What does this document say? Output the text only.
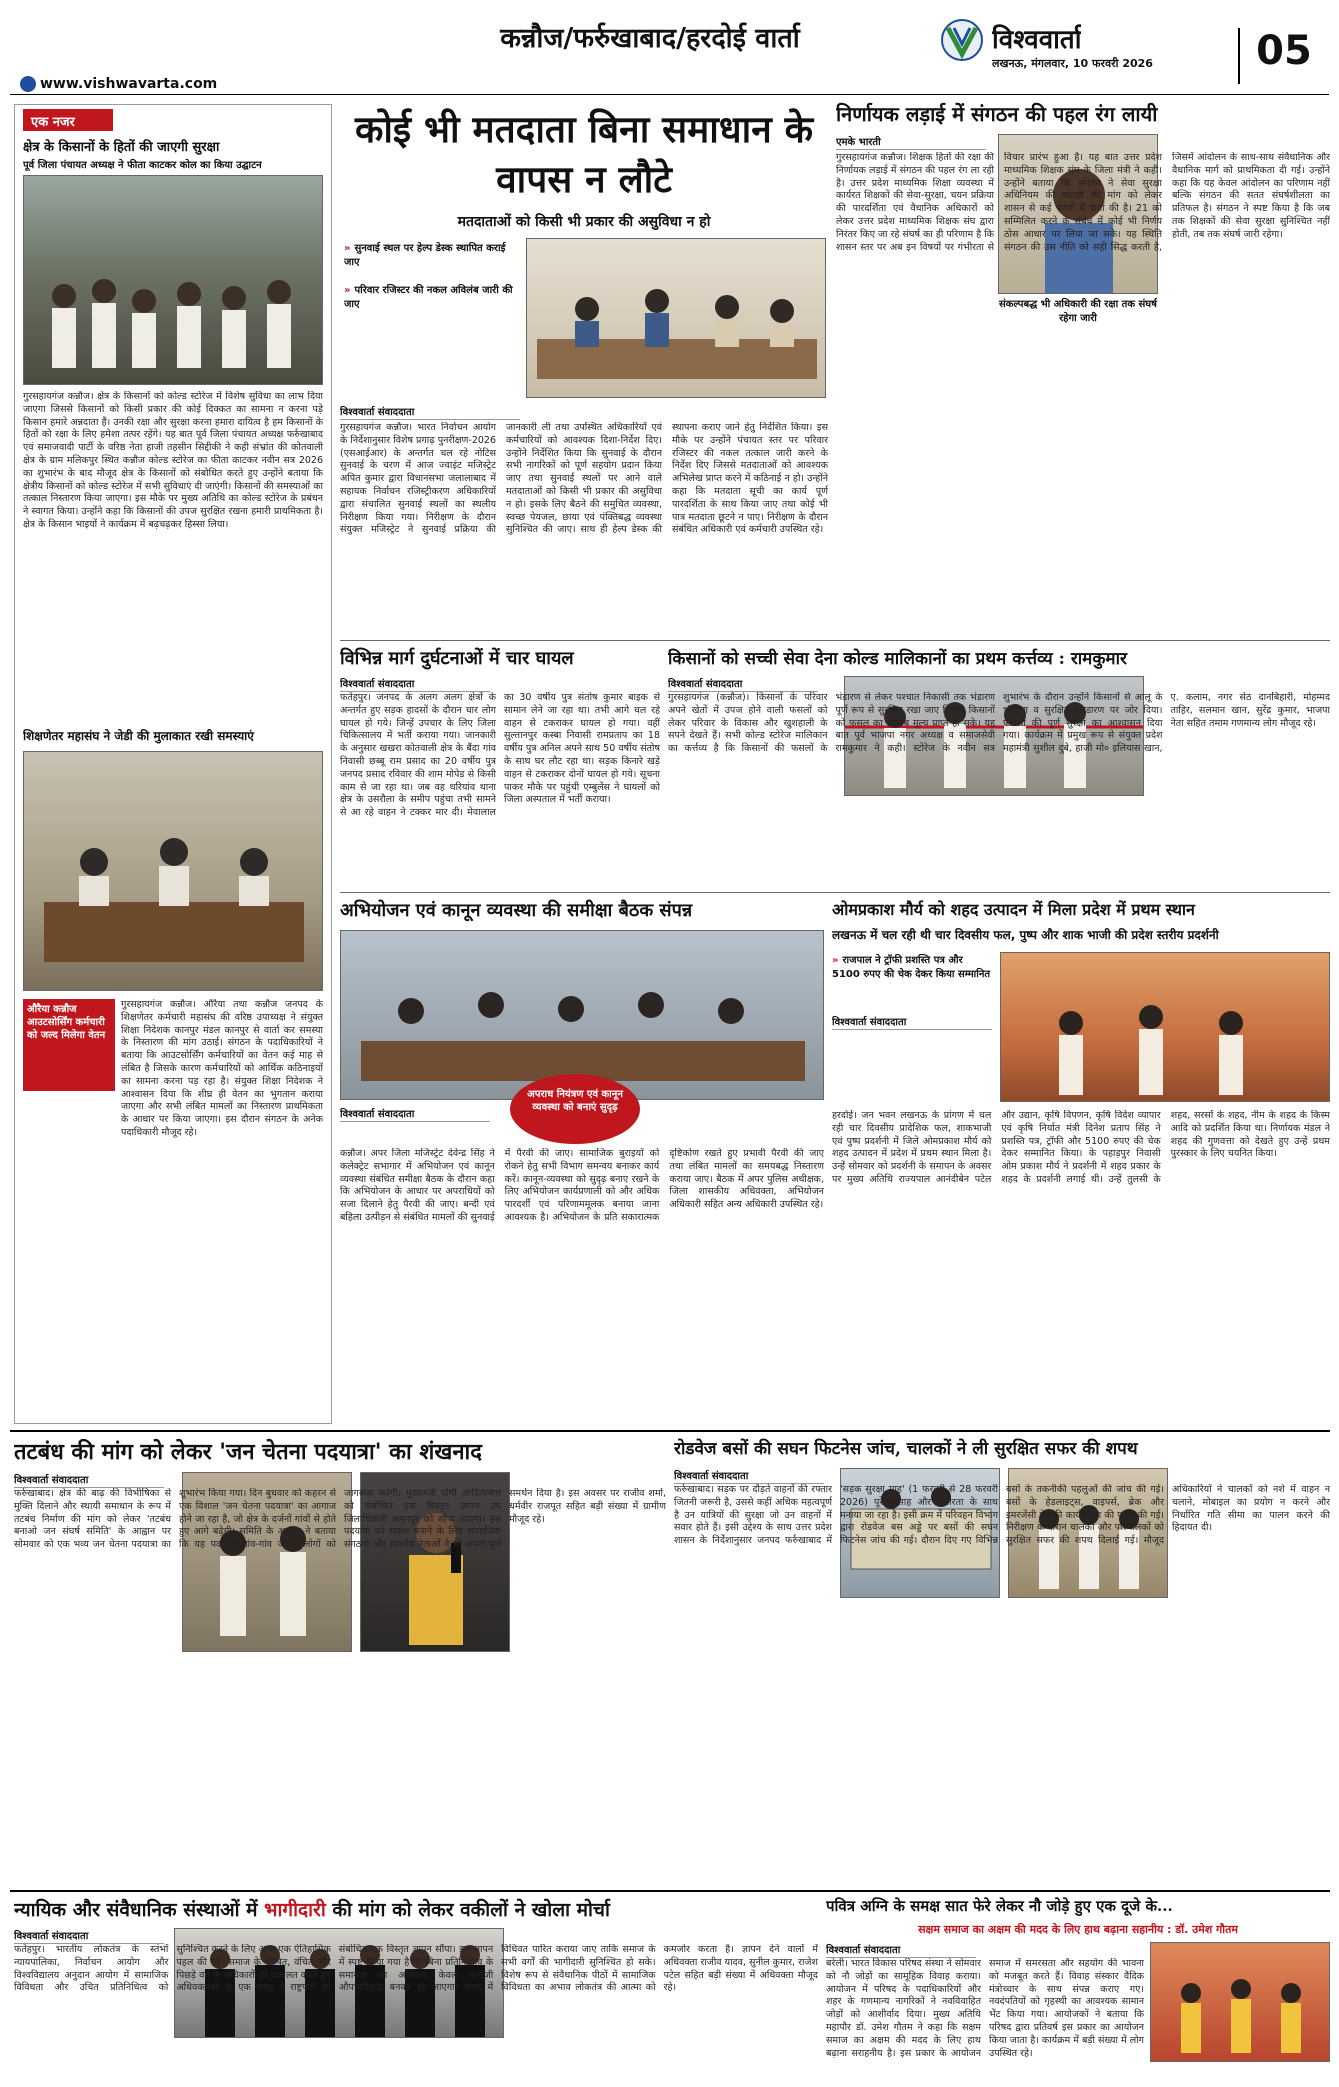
कन्नौज/फर्रुखाबाद/हरदोई वार्ता
www.vishwavarta.com
विश्ववार्ता
लखनऊ, मंगलवार, 10 फरवरी 2026	05
एक नजर
क्षेत्र के किसानों के हितों की जाएगी सुरक्षा
पूर्व जिला पंचायत अध्यक्ष ने फीता काटकर कोल का किया उद्घाटन
गुरसहायगंज कन्नौज। क्षेत्र के किसानों को कोल्ड स्टोरेज में विशेष सुविधा का लाभ दिया जाएगा जिससे किसानों को किसी प्रकार की कोई दिक्कत का सामना न करना पड़े किसान हमारे अन्नदाता हैं। उनकी रक्षा और सुरक्षा करना हमारा दायित्व है हम किसानों के हितों को रक्षा के लिए हमेशा तत्पर रहेंगे। यह बात पूर्व जिला पंचायत अध्यक्ष फर्रुखाबाद एवं समाजवादी पार्टी के वरिष्ठ नेता हाजी तहसीन सिद्दीकी ने कही संभ्रांत की कोतवाली क्षेत्र के ग्राम मलिकपुर स्थित कन्नौज कोल्ड स्टोरेज का फीता काटकर नवीन सत्र 2026 का शुभारंभ के बाद मौजूद क्षेत्र के किसानों को संबोधित करते हुए उन्होंने बताया कि क्षेत्रीय किसानों को कोल्ड स्टोरेज में सभी सुविधाएं दी जाएंगी। किसानों की समस्याओं का तत्काल निस्तारण किया जाएगा। इस मौके पर मुख्य अतिथि का कोल्ड स्टोरेज के प्रबंधन ने स्वागत किया। उन्होंने कहा कि किसानों की उपज सुरक्षित रखना हमारी प्राथमिकता है। क्षेत्र के किसान भाइयों ने कार्यक्रम में बढ़चढ़कर हिस्सा लिया।
शिक्षणेतर महासंघ ने जेडी की मुलाकात रखी समस्याएं
औरैया कन्नौज आउटसोर्सिंग कर्मचारी को जल्द मिलेगा वेतन
गुरसहायगंज कन्नौज। औरैया तथा कन्नौज जनपद के शिक्षणेतर कर्मचारी महासंघ की वरिष्ठ उपाध्यक्ष ने संयुक्त शिक्षा निदेशक कानपुर मंडल कानपुर से वार्ता कर समस्या के निस्तारण की मांग उठाई। संगठन के पदाधिकारियों ने बताया कि आउटसोर्सिंग कर्मचारियों का वेतन कई माह से लंबित है जिसके कारण कर्मचारियों को आर्थिक कठिनाइयों का सामना करना पड़ रहा है। संयुक्त शिक्षा निदेशक ने आश्वासन दिया कि शीघ्र ही वेतन का भुगतान कराया जाएगा और सभी लंबित मामलों का निस्तारण प्राथमिकता के आधार पर किया जाएगा। इस दौरान संगठन के अनेक पदाधिकारी मौजूद रहे।
कोई भी मतदाता बिना समाधान के वापस न लौटे
मतदाताओं को किसी भी प्रकार की असुविधा न हो
» सुनवाई स्थल पर हेल्प डेस्क स्थापित कराई जाए
» परिवार रजिस्टर की नकल अविलंब जारी की जाए
विश्ववार्ता संवाददाता
गुरसहायगंज कन्नौज। भारत निर्वाचन आयोग के निर्देशानुसार विशेष प्रगाढ़ पुनरीक्षण-2026 (एसआईआर) के अन्तर्गत चल रहे नोटिस सुनवाई के चरण में आज ज्वाइंट मजिस्ट्रेट अपित कुमार द्वारा विधानसभा जलालाबाद में सहायक निर्वाचन रजिस्ट्रीकरण अधिकारियों द्वारा संचालित सुनवाई स्थलों का स्थलीय निरीक्षण किया गया। निरीक्षण के दौरान संयुक्त मजिस्ट्रेट ने सुनवाई प्रक्रिया की जानकारी ली तथा उपस्थित अधिकारियों एवं कर्मचारियों को आवश्यक दिशा-निर्देश दिए। उन्होंने निर्देशित किया कि सुनवाई के दौरान सभी नागरिकों को पूर्ण सहयोग प्रदान किया जाए तथा सुनवाई स्थलों पर आने वाले मतदाताओं को किसी भी प्रकार की असुविधा न हो। इसके लिए बैठने की समुचित व्यवस्था, स्वच्छ पेयजल, छाया एवं पंक्तिबद्ध व्यवस्था सुनिश्चित की जाए। साथ ही हेल्प डेस्क की स्थापना कराए जाने हेतु निर्देशित किया। इस मौके पर उन्होंने पंचायत स्तर पर परिवार रजिस्टर की नकल तत्काल जारी करने के निर्देश दिए जिससे मतदाताओं को आवश्यक अभिलेख प्राप्त करने में कठिनाई न हो। उन्होंने कहा कि मतदाता सूची का कार्य पूर्ण पारदर्शिता के साथ किया जाए तथा कोई भी पात्र मतदाता छूटने न पाए। निरीक्षण के दौरान संबंधित अधिकारी एवं कर्मचारी उपस्थित रहे।
निर्णायक लड़ाई में संगठन की पहल रंग लायी
एमके भारती
संकल्पबद्ध भी अधिकारी की रक्षा तक संघर्ष रहेगा जारी
गुरसहायगंज कन्नौज। शिक्षक हितों की रक्षा की निर्णायक लड़ाई में संगठन की पहल रंग ला रही है। उत्तर प्रदेश माध्यमिक शिक्षा व्यवस्था में कार्यरत शिक्षकों की सेवा-सुरक्षा, चयन प्रक्रिया की पारदर्शिता एवं वैधानिक अधिकारों को लेकर उत्तर प्रदेश माध्यमिक शिक्षक संघ द्वारा निरंतर किए जा रहे संघर्ष का ही परिणाम है कि शासन स्तर पर अब इन विषयों पर गंभीरता से विचार प्रारंभ हुआ है। यह बात उत्तर प्रदेश माध्यमिक शिक्षक संघ के जिला मंत्री ने कही। उन्होंने बताया कि संगठन ने सेवा सुरक्षा अधिनियम की बहाली की मांग को लेकर शासन से कई चरणों में वार्ता की है। 21 को सम्मिलित करने के संबंध में कोई भी निर्णय ठोस आधार पर लिया जा सके। यह स्थिति संगठन की उस नीति को सही सिद्ध करती है, जिसमें आंदोलन के साथ-साथ संवैधानिक और वैधानिक मार्ग को प्राथमिकता दी गई। उन्होंने कहा कि यह केवल आंदोलन का परिणाम नहीं बल्कि संगठन की सतत संघर्षशीलता का प्रतिफल है। संगठन ने स्पष्ट किया है कि जब तक शिक्षकों की सेवा सुरक्षा सुनिश्चित नहीं होती, तब तक संघर्ष जारी रहेगा।
विभिन्न मार्ग दुर्घटनाओं में चार घायल
विश्ववार्ता संवाददाता
फतेहपुर। जनपद के अलग अलग क्षेत्रों के अन्तर्गत हुए सड़क हादसों के दौरान चार लोग घायल हो गये। जिन्हें उपचार के लिए जिला चिकित्सालय में भर्ती कराया गया। जानकारी के अनुसार खखरा कोतवाली क्षेत्र के बैंदा गांव निवासी छब्बू राम प्रसाद का 20 वर्षीय पुत्र जनपद प्रसाद रविवार की शाम मोपेड से किसी काम से जा रहा था। जब वह थरियांव थाना क्षेत्र के उसरौला के समीप पहुंचा तभी सामने से आ रहे वाहन ने टक्कर मार दी। मेवालाल का 30 वर्षीय पुत्र संतोष कुमार बाइक से सामान लेने जा रहा था। तभी आगे चल रहे वाहन से टकराकर घायल हो गया। वहीं सुल्तानपुर कस्बा निवासी रामप्रताप का 18 वर्षीय पुत्र अनिल अपने साथ 50 वर्षीय संतोष के साथ घर लौट रहा था। सड़क किनारे खड़े वाहन से टकराकर दोनों घायल हो गये। सूचना पाकर मौके पर पहुंची एम्बुलेंस ने घायलों को जिला अस्पताल में भर्ती कराया।
किसानों को सच्ची सेवा देना कोल्ड मालिकानों का प्रथम कर्त्तव्य : रामकुमार
विश्ववार्ता संवाददाता
गुरसहायगंज (कन्नौज)। किसानों के परिवार अपने खेतों में उपज होने वाली फसलों को लेकर परिवार के विकास और खुशहाली के सपने देखते हैं। सभी कोल्ड स्टोरेज मालिकान का कर्त्तव्य है कि किसानों की फसलों के भंडारण से लेकर पश्चात निकासी तक भंडारण पूर्ण रूप से सुरक्षित रखा जाए जिससे किसानों को फसल का वाजिब मूल्य प्राप्त हो सके। यह बात पूर्व भाजपा नगर अध्यक्ष व समाजसेवी रामकुमार ने कही। स्टोरेज के नवीन सत्र शुभारंभ के दौरान उन्होंने किसानों से आलू के भंडारण व सुरक्षित भण्डारण पर जोर दिया। फसलों की पूर्ण सुरक्षा का आश्वासन दिया गया। कार्यक्रम में प्रमुख रूप से संयुक्त प्रदेश महामंत्री सुशील दुबे, हाजी मो० इलियास खान, ए. कलाम, नगर सेठ दानबिहारी, मोहम्मद ताहिर, सलमान खान, सुरेंद्र कुमार, भाजपा नेता सहित तमाम गणमान्य लोग मौजूद रहे।
अभियोजन एवं कानून व्यवस्था की समीक्षा बैठक संपन्न
अपराध नियंत्रण एवं कानून व्यवस्था को बनाएं सुदृढ़
विश्ववार्ता संवाददाता
कन्नौज। अपर जिला मजिस्ट्रेट देवेन्द्र सिंह ने कलेक्ट्रेट सभागार में अभियोजन एवं कानून व्यवस्था संबंधित समीक्षा बैठक के दौरान कहा कि अभियोजन के आधार पर अपराधियों को सजा दिलाने हेतु पैरवी की जाए। बन्दी एवं बहिला उत्पीड़न से संबंधित मामलों की सुनवाई में पैरवी की जाए। सामाजिक बुराइयों को रोकने हेतु सभी विभाग समन्वय बनाकर कार्य करें। कानून-व्यवस्था को सुदृढ़ बनाए रखने के लिए अभियोजन कार्यप्रणाली को और अधिक पारदर्शी एवं परिणाममूलक बनाया जाना आवश्यक है। अभियोजन के प्रति सकारात्मक दृष्टिकोण रखते हुए प्रभावी पैरवी की जाए तथा लंबित मामलों का समयबद्ध निस्तारण कराया जाए। बैठक में अपर पुलिस अधीक्षक, जिला शासकीय अधिवक्ता, अभियोजन अधिकारी सहित अन्य अधिकारी उपस्थित रहे।
ओमप्रकाश मौर्य को शहद उत्पादन में मिला प्रदेश में प्रथम स्थान
लखनऊ में चल रही थी चार दिवसीय फल, पुष्प और शाक भाजी की प्रदेश स्तरीय प्रदर्शनी
» राजपाल ने ट्रॉफी प्रशस्ति पत्र और 5100 रुपए की चेक देकर किया सम्मानित
विश्ववार्ता संवाददाता
हरदोई। जन भवन लखनऊ के प्रांगण में चल रही चार दिवसीय प्रादेशिक फल, शाकभाजी एवं पुष्प प्रदर्शनी में जिले ओमप्रकाश मौर्य को शहद उत्पादन में प्रदेश में प्रथम स्थान मिला है। उन्हें सोमवार को प्रदर्शनी के समापन के अवसर पर मुख्य अतिथि राज्यपाल आनंदीबेन पटेल और उद्यान, कृषि विपणन, कृषि विदेश व्यापार एवं कृषि निर्यात मंत्री दिनेश प्रताप सिंह ने प्रशस्ति पत्र, ट्रॉफी और 5100 रुपए की चेक देकर सम्मानित किया। के पहाड़पुर निवासी ओम प्रकाश मौर्य ने प्रदर्शनी में शहद प्रकार के शहद के प्रदर्शनी लगाई थी। उन्हें तुलसी के शहद, सरसों के शहद, नीम के शहद के किस्म आदि को प्रदर्शित किया था। निर्णायक मंडल ने शहद की गुणवत्ता को देखते हुए उन्हें प्रथम पुरस्कार के लिए चयनित किया।
तटबंध की मांग को लेकर 'जन चेतना पदयात्रा' का शंखनाद
विश्ववार्ता संवाददाता
फर्रुखाबाद। क्षेत्र की बाढ़ की विभीषिका से मुक्ति दिलाने और स्थायी समाधान के रूप में तटबंध निर्माण की मांग को लेकर 'तटबंध बनाओ जन संघर्ष समिति' के आह्वान पर सोमवार को एक भव्य जन चेतना पदयात्रा का शुभारंभ किया गया। दिन बुधवार को कहरन से एक विशाल 'जन चेतना पदयात्रा' का आगाज होने जा रहा है, जो क्षेत्र के दर्जनों गांवों से होते हुए आगे बढ़ेगी। समिति के अध्यक्ष ने बताया कि यह पदयात्रा गांव-गांव जाकर लोगों को जागरूक करेगी। मुख्यमंत्री योगी आदित्यनाथ को संबोधित एक विस्तृत ज्ञापन उप जिलाधिकारी अमृतपुर को सौंपा जाएगा। इस पदयात्रा को सफल बनाने के लिए सामाजिक संगठनों और स्थानीय नेताओं ने भी अपना पूर्ण समर्थन दिया है। इस अवसर पर राजीव शर्मा, धर्मवीर राजपूत सहित बड़ी संख्या में ग्रामीण मौजूद रहे।
रोडवेज बसों की सघन फिटनेस जांच, चालकों ने ली सुरक्षित सफर की शपथ
विश्ववार्ता संवाददाता
फर्रुखाबाद। सड़क पर दौड़ते वाहनों की रफ्तार जितनी जरूरी है, उससे कहीं अधिक महत्वपूर्ण है उन यात्रियों की सुरक्षा जो उन वाहनों में सवार होते हैं। इसी उद्देश्य के साथ उत्तर प्रदेश शासन के निर्देशानुसार जनपद फर्रुखाबाद में 'सड़क सुरक्षा माह' (1 फरवरी से 28 फरवरी 2026) पूरे उत्साह और गंभीरता के साथ मनाया जा रहा है। इसी क्रम में परिवहन विभाग द्वारा रोडवेज बस अड्डे पर बसों की सघन फिटनेस जांच की गई। दौरान दिए गए विभिन्न बसों के तकनीकी पहलुओं की जांच की गई। बसों के हेडलाइट्स, वाइपर्स, ब्रेक और इमरजेंसी गेट की कार्यक्षमता की परख की गई। निरीक्षण के दौरान चालकों और परिचालकों को सुरक्षित सफर की शपथ दिलाई गई। मौजूद अधिकारियों ने चालकों को नशे में वाहन न चलाने, मोबाइल का प्रयोग न करने और निर्धारित गति सीमा का पालन करने की हिदायत दी।
न्यायिक और संवैधानिक संस्थाओं में भागीदारी की मांग को लेकर वकीलों ने खोला मोर्चा
विश्ववार्ता संवाददाता
फतेहपुर। भारतीय लोकतंत्र के स्तंभों न्यायपालिका, निर्वाचन आयोग और विश्वविद्यालय अनुदान आयोग में सामाजिक विविधता और उचित प्रतिनिधित्व को सुनिश्चित करने के लिए आज एक ऐतिहासिक पहल की गई। समाज के शोषित, वंचित और पिछड़े वर्ग के अधिकारों की वकालत करते हुए अधिवक्ताओं के एक समूह ने राष्ट्रपति को संबोधित एक विस्तृत ज्ञापन सौंपा। इस ज्ञापन में स्पष्ट किया गया है कि बिना प्रतिनिधित्व के समानता का अधिकार केवल कागजी औपचारिकता बनकर रह जाएगा। संसद में विधिवत पारित कराया जाए ताकि समाज के सभी वर्गों की भागीदारी सुनिश्चित हो सके। विशेष रूप से संवैधानिक पीठों में सामाजिक विविधता का अभाव लोकतंत्र की आत्मा को कमजोर करता है। ज्ञापन देने वालों में अधिवक्ता राजीव यादव, सुनील कुमार, राजेश पटेल सहित बड़ी संख्या में अधिवक्ता मौजूद रहे।
पवित्र अग्नि के समक्ष सात फेरे लेकर नौ जोड़े हुए एक दूजे के...
सक्षम समाज का अक्षम की मदद के लिए हाथ बढ़ाना सहानीय : डॉ. उमेश गौतम
विश्ववार्ता संवाददाता
बरेली। भारत विकास परिषद संस्था ने सोमवार को नौ जोड़ों का सामूहिक विवाह कराया। आयोजन में परिषद के पदाधिकारियों और शहर के गणमान्य नागरिकों ने नवविवाहित जोड़ों को आशीर्वाद दिया। मुख्य अतिथि महापौर डॉ. उमेश गौतम ने कहा कि सक्षम समाज का अक्षम की मदद के लिए हाथ बढ़ाना सराहनीय है। इस प्रकार के आयोजन समाज में समरसता और सहयोग की भावना को मजबूत करते हैं। विवाह संस्कार वैदिक मंत्रोच्चार के साथ संपन्न कराए गए। नवदंपतियों को गृहस्थी का आवश्यक सामान भेंट किया गया। आयोजकों ने बताया कि परिषद द्वारा प्रतिवर्ष इस प्रकार का आयोजन किया जाता है। कार्यक्रम में बड़ी संख्या में लोग उपस्थित रहे।
